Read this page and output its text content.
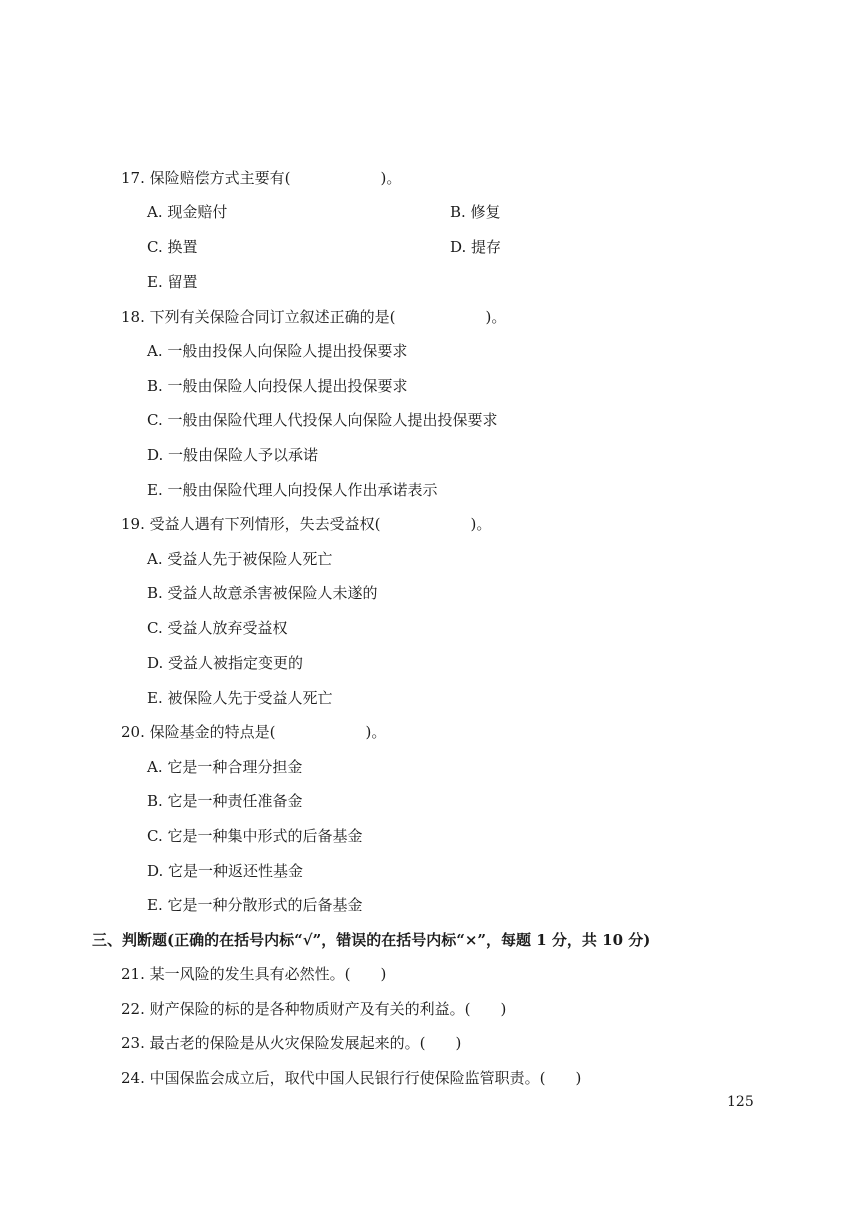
17. 保险赔偿方式主要有(　　　　　　)。
A. 现金赔付	B. 修复
C. 换置	D. 提存
E. 留置
18. 下列有关保险合同订立叙述正确的是(　　　　　　)。
A. 一般由投保人向保险人提出投保要求
B. 一般由保险人向投保人提出投保要求
C. 一般由保险代理人代投保人向保险人提出投保要求
D. 一般由保险人予以承诺
E. 一般由保险代理人向投保人作出承诺表示
19. 受益人遇有下列情形，失去受益权(　　　　　　)。
A. 受益人先于被保险人死亡
B. 受益人故意杀害被保险人未遂的
C. 受益人放弃受益权
D. 受益人被指定变更的
E. 被保险人先于受益人死亡
20. 保险基金的特点是(　　　　　　)。
A. 它是一种合理分担金
B. 它是一种责任准备金
C. 它是一种集中形式的后备基金
D. 它是一种返还性基金
E. 它是一种分散形式的后备基金
三、判断题(正确的在括号内标“√”，错误的在括号内标“×”，每题 1 分，共 10 分)
21. 某一风险的发生具有必然性。(　　)
22. 财产保险的标的是各种物质财产及有关的利益。(　　)
23. 最古老的保险是从火灾保险发展起来的。(　　)
24. 中国保监会成立后，取代中国人民银行行使保险监管职责。(　　)
125
